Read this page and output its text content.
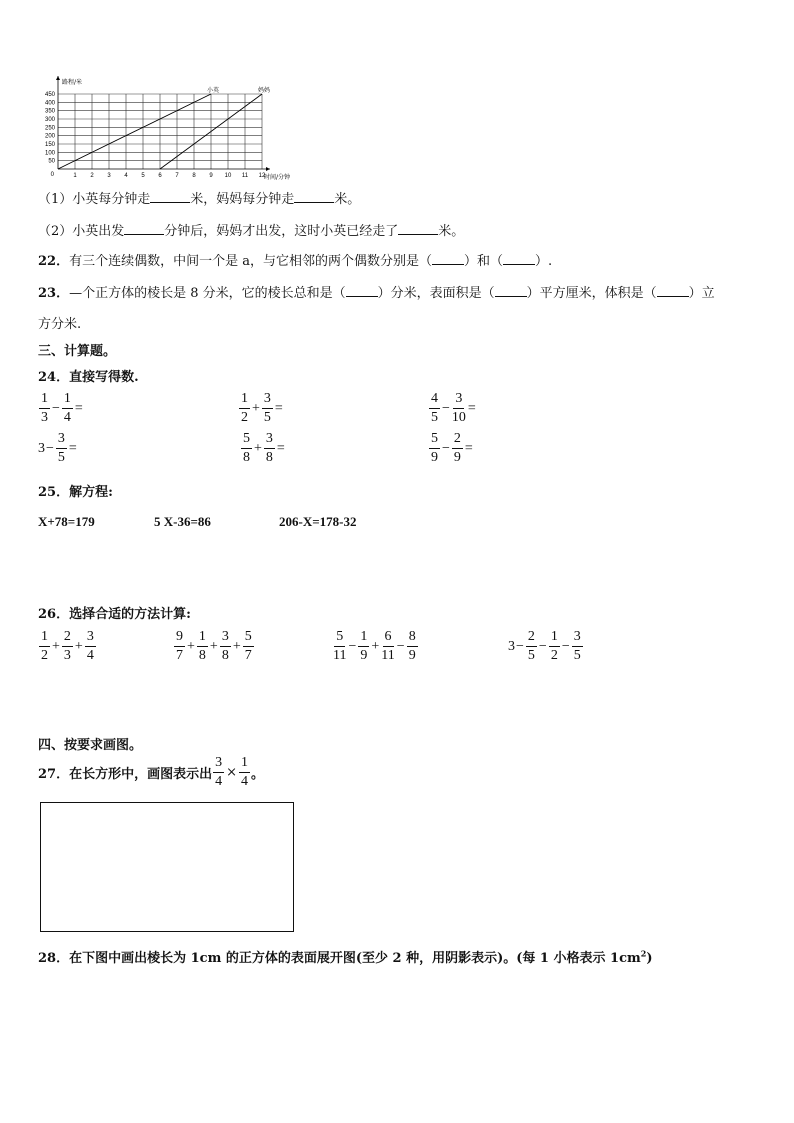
1 2 3 4 5 6 7 8 9 10 11 12
50
100
150
200
250
300
350
400
450
0
路程/米
时间/分钟
小英	妈妈
（1）小英每分钟走	米，妈妈每分钟走	米。
（2）小英出发	分钟后，妈妈才出发，这时小英已经走了	米。
22．有三个连续偶数，中间一个是 a，与它相邻的两个偶数分别是（ ）和（ ）.
23．—个正方体的棱长是 8 分米，它的棱长总和是（ ）分米，表面积是（ ）平方厘米，体积是（ ）立
方分米.
三、计算题。
24．直接写得数.
$\frac{1}{3} - \frac{1}{4}$ =	$\frac{1}{2} + \frac{3}{5}$ =	$\frac{4}{5} - \frac{3}{10}$ =
$3 - \frac{3}{5}$ =	$\frac{5}{8} + \frac{3}{8}$ =	$\frac{5}{9} - \frac{2}{9}$ =
25．解方程:
X+78=179	5 X-36=86	206-X=178-32
26．选择合适的方法计算:
$\frac{1}{2} + \frac{2}{3} + \frac{3}{4}$	$\frac{9}{7} + \frac{1}{8} + \frac{3}{8} + \frac{5}{7}$	$\frac{5}{11} - \frac{1}{9} + \frac{6}{11} - \frac{8}{9}$	$3 - \frac{2}{5} - \frac{1}{2} - \frac{3}{5}$
四、按要求画图。
27．在长方形中，画图表示出 $\frac{3}{4} \times \frac{1}{4}$ 。
28．在下图中画出棱长为 1cm 的正方体的表面展开图(至少 2 种，用阴影表示)。(每 1 小格表示 $1cm^2$)
